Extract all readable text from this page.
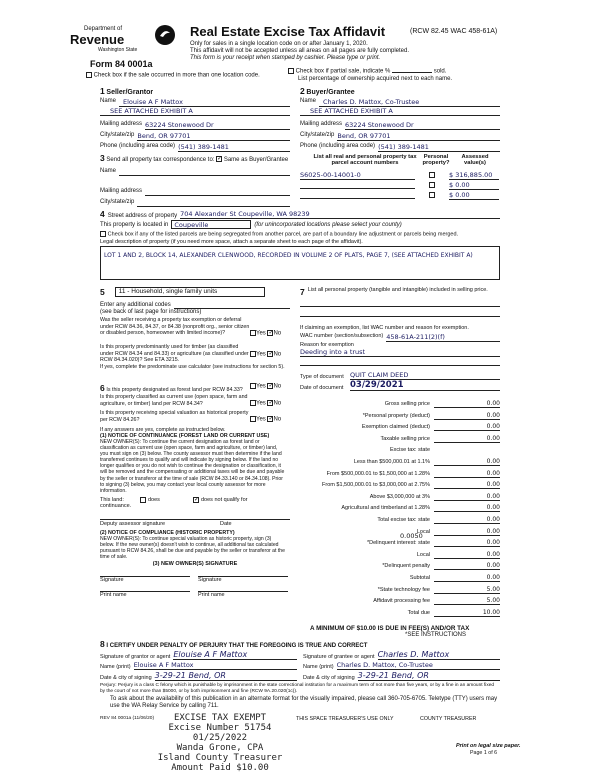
Department of
Revenue
Washington State
Form 84 0001a
Real Estate Excise Tax Affidavit	(RCW 82.45 WAC 458-61A)
Only for sales in a single location code on or after January 1, 2020.
This affidavit will not be accepted unless all areas on all pages are fully completed.
This form is your receipt when stamped by cashier. Please type or print.
Check box if the sale occurred in more than one location code.
Check box if partial sale, indicate %	sold.
List percentage of ownership acquired next to each name.
1 Seller/Grantor
Name	Elouise A F Mattox
SEE ATTACHED EXHIBIT A
Mailing address 63224 Stonewood Dr
City/state/zip Bend, OR 97701
Phone (including area code) (541) 389-1481
2 Buyer/Grantee
Name	Charles D. Mattox, Co-Trustee
SEE ATTACHED EXHIBIT A
Mailing address 63224 Stonewood Dr
City/state/zip Bend, OR 97701
Phone (including area code) (541) 389-1481
3 Send all property tax correspondence to: ✓ Same as Buyer/Grantee
Name
Mailing address
City/state/zip
List all real and personal property tax parcel account numbers
Personal property?
Assessed value(s)
S6025-00-14001-0	$ 316,885.00
$ 0.00
$ 0.00
4 Street address of property 704 Alexander St Coupeville, WA 98239
This property is located in Coupeville	(for unincorporated locations please select your county)
Check box if any of the listed parcels are being segregated from another parcel, are part of a boundary line adjustment or parcels being merged.
Legal description of property (if you need more space, attach a separate sheet to each page of the affidavit).
LOT 1 AND 2, BLOCK 14, ALEXANDER CLENWOOD, RECORDED IN VOLUME 2 OF PLATS, PAGE 7, (SEE ATTACHED EXHIBIT A)
5	11 - Household, single family units
Enter any additional codes
(see back of last page for instructions)
Was the seller receiving a property tax exemption or deferral under RCW 84.36, 84.37, or 84.38 (nonprofit org., senior citizen or disabled person, homeowner with limited income)?	Yes ✓No
Is this property predominantly used for timber (as classified under RCW 84.34 and 84.33) or agriculture (as classified under RCW 84.34.020)? See ETA 3215.
Yes ✓No
If yes, complete the predominate use calculator (see instructions for section 5).
6 Is this property designated as forest land per RCW 84.33?
Yes ✓No
Is this property classified as current use (open space, farm and agriculture, or timber) land per RCW 84.34?	Yes ✓No
Is this property receiving special valuation as historical property per RCW 84.26?	Yes ✓No
If any answers are yes, complete as instructed below.
(1) NOTICE OF CONTINUANCE (FOREST LAND OR CURRENT USE)
NEW OWNER(S): To continue the current designation as forest land or classification as current use (open space, farm and agriculture, or timber) land, you must sign on (3) below. The county assessor must then determine if the land transferred continues to qualify and will indicate by signing below. If the land no longer qualifies or you do not wish to continue the designation or classification, it will be removed and the compensating or additional taxes will be due and payable by the seller or transferor at the time of sale (RCW 84.33.140 or 84.34.108). Prior to signing (3) below, you may contact your local county assessor for more information.
This land:	does	✓ does not qualify for
continuance.
Deputy assessor signature	Date
(2) NOTICE OF COMPLIANCE (HISTORIC PROPERTY)
NEW OWNER(S): To continue special valuation as historic property, sign (3) below. If the new owner(s) doesn't wish to continue, all additional tax calculated pursuant to RCW 84.26, shall be due and payable by the seller or transferor at the time of sale.
(3) NEW OWNER(S) SIGNATURE
Signature	Signature
Print name	Print name
7 List all personal property (tangible and intangible) included in selling price.
If claiming an exemption, list WAC number and reason for exemption.
WAC number (section/subsection) 458-61A-211(2)(f)
Reason for exemption
Deeding into a trust
Type of document QUIT CLAIM DEED
Date of document 03/29/2021
Gross selling price	0.00
*Personal property (deduct)	0.00
Exemption claimed (deduct)	0.00
Taxable selling price	0.00
Excise tax: state
Less than $500,000.01 at 1.1%	0.00
From $500,000.01 to $1,500,000 at 1.28%	0.00
From $1,500,000.01 to $3,000,000 at 2.75%	0.00
Above $3,000,000 at 3%	0.00
Agricultural and timberland at 1.28%	0.00
Total excise tax: state	0.00
Local	0.00
*Delinquent interest: state	0.00
Local	0.00
*Delinquent penalty	0.00
Subtotal	0.00
*State technology fee	5.00
Affidavit processing fee	5.00
Total due	10.00
0.0050
A MINIMUM OF $10.00 IS DUE IN FEE(S) AND/OR TAX
*SEE INSTRUCTIONS
8 I CERTIFY UNDER PENALTY OF PERJURY THAT THE FOREGOING IS TRUE AND CORRECT
Signature of grantor or agent Elouise A F Mattox
Name (print) Elouise A F Mattox
Date & city of signing 3-29-21 Bend, OR
Signature of grantee or agent Charles D. Mattox
Name (print) Charles D. Mattox, Co-Trustee
Date & city of signing 3-29-21 Bend, OR
Perjury: Perjury is a class C felony which is punishable by imprisonment in the state correctional institution for a maximum term of not more than five years, or by a fine in an amount fixed by the court of not more than $5000, or by both imprisonment and fine (RCW 9A.20.020(1c)).
To ask about the availability of this publication in an alternate format for the visually impaired, please call 360-705-6705. Teletype (TTY) users may use the WA Relay Service by calling 711.
REV 84 0001a (11/06/20)	THIS SPACE TREASURER'S USE ONLY	COUNTY TREASURER
Print on legal size paper.
Page 1 of 6
EXCISE TAX EXEMPT
Excise Number 51754
01/25/2022
Wanda Grone, CPA
Island County Treasurer
Amount Paid $10.00
